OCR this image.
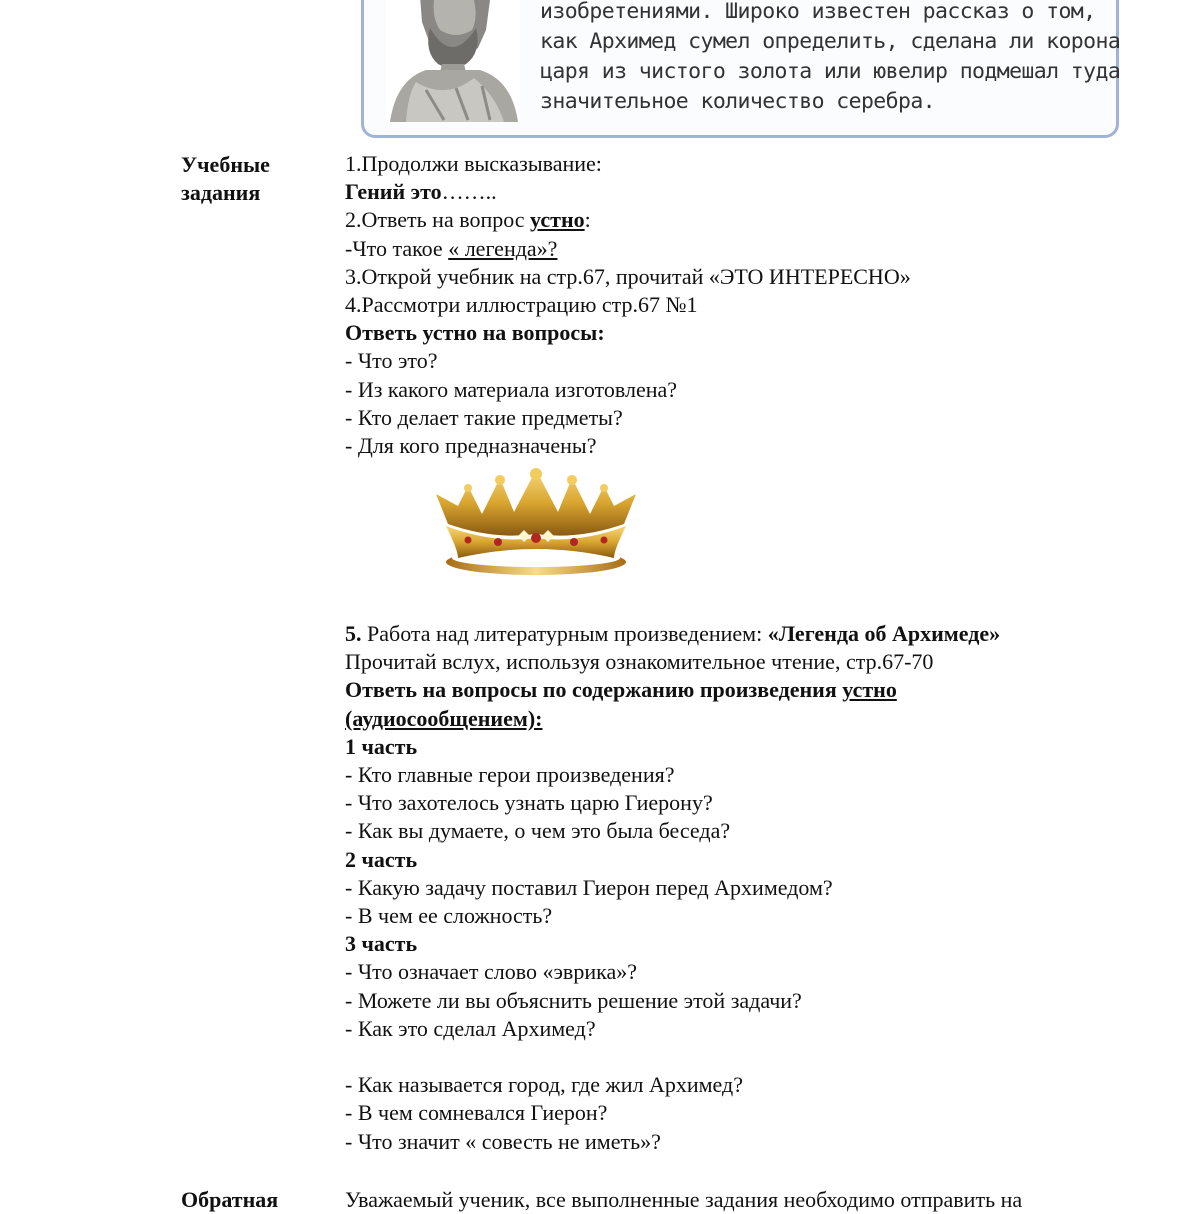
изобретениями. Широко известен рассказ о том,
как Архимед сумел определить, сделана ли корона
царя из чистого золота или ювелир подмешал туда
значительное количество серебра.
Учебные
задания
1.Продолжи высказывание:
Гений это……..
2.Ответь на вопрос устно:
-Что такое « легенда»?
3.Открой учебник на стр.67, прочитай «ЭТО ИНТЕРЕСНО»
4.Рассмотри иллюстрацию стр.67 №1
Ответь устно на вопросы:
- Что это?
- Из какого материала изготовлена?
- Кто делает такие предметы?
- Для кого предназначены?
5. Работа над литературным произведением: «Легенда об Архимеде»
Прочитай вслух, используя ознакомительное чтение, стр.67-70
Ответь на вопросы по содержанию произведения устно
(аудиосообщением):
1 часть
- Кто главные герои произведения?
- Что захотелось узнать царю Гиерону?
- Как вы думаете, о чем это была беседа?
2 часть
- Какую задачу поставил Гиерон перед Архимедом?
- В чем ее сложность?
3 часть
- Что означает слово «эврика»?
- Можете ли вы объяснить решение этой задачи?
- Как это сделал Архимед?
- Как называется город, где жил Архимед?
- В чем сомневался Гиерон?
- Что значит « совесть не иметь»?
Обратная	Уважаемый ученик, все выполненные задания необходимо отправить на
